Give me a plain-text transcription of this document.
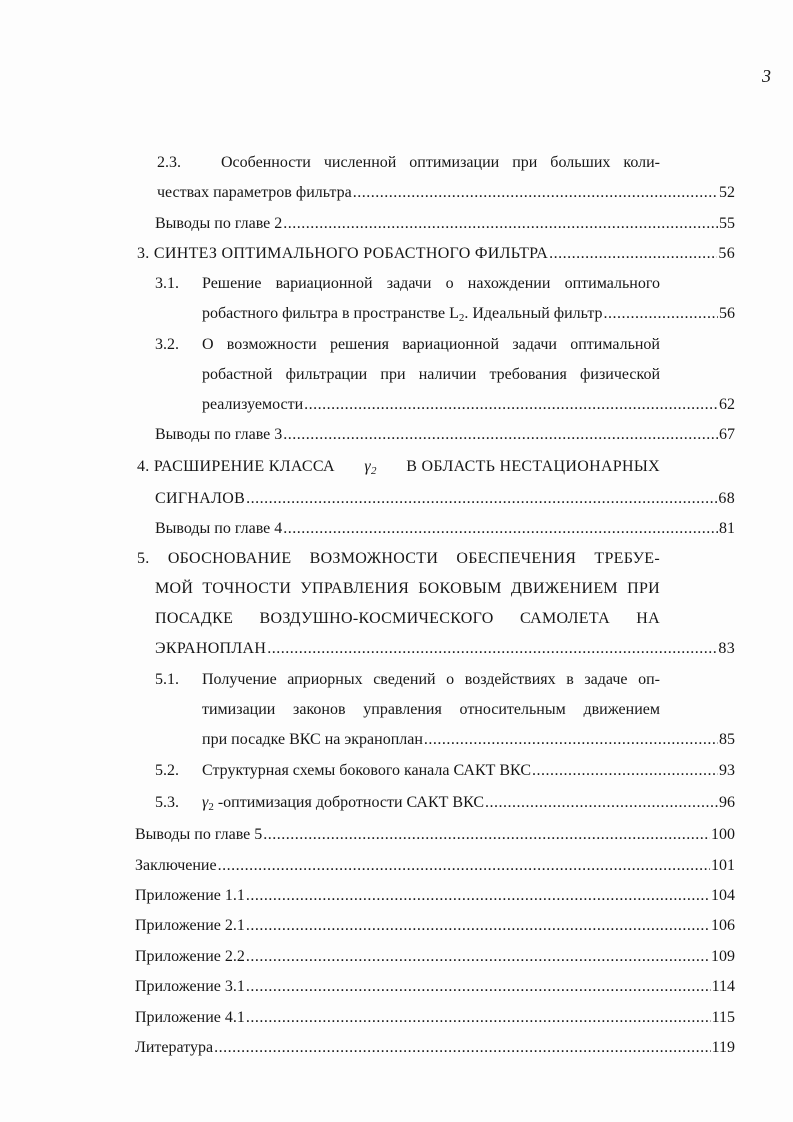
3
2.3.	Особенности численной оптимизации при больших коли-
чествах параметров фильтра .....	52
Выводы по главе 2 .....	55
3. СИНТЕЗ ОПТИМАЛЬНОГО РОБАСТНОГО ФИЛЬТРА .....	56
3.1.	Решение вариационной задачи о нахождении оптимального
робастного фильтра в пространстве $L_2$. Идеальный фильтр .....	56
3.2.	О возможности решения вариационной задачи оптимальной
робастной фильтрации при наличии требования физической
реализуемости .....	62
Выводы по главе 3 .....	67
4. РАСШИРЕНИЕ КЛАССА $\gamma_2$ В ОБЛАСТЬ НЕСТАЦИОНАРНЫХ
СИГНАЛОВ .....	68
Выводы по главе 4 .....	81
5. ОБОСНОВАНИЕ ВОЗМОЖНОСТИ ОБЕСПЕЧЕНИЯ ТРЕБУЕ-
МОЙ ТОЧНОСТИ УПРАВЛЕНИЯ БОКОВЫМ ДВИЖЕНИЕМ ПРИ
ПОСАДКЕ ВОЗДУШНО-КОСМИЧЕСКОГО САМОЛЕТА НА
ЭКРАНОПЛАН .....	83
5.1.	Получение априорных сведений о воздействиях в задаче оп-
тимизации законов управления относительным движением
при посадке ВКС на экраноплан .....	85
5.2.	Структурная схемы бокового канала САКТ ВКС .....	93
5.3.	$\gamma_2$ -оптимизация добротности САКТ ВКС .....	96
Выводы по главе 5 .....	100
Заключение .....	101
Приложение 1.1 .....	104
Приложение 2.1 .....	106
Приложение 2.2 .....	109
Приложение 3.1 .....	114
Приложение 4.1 .....	115
Литература .....	119
